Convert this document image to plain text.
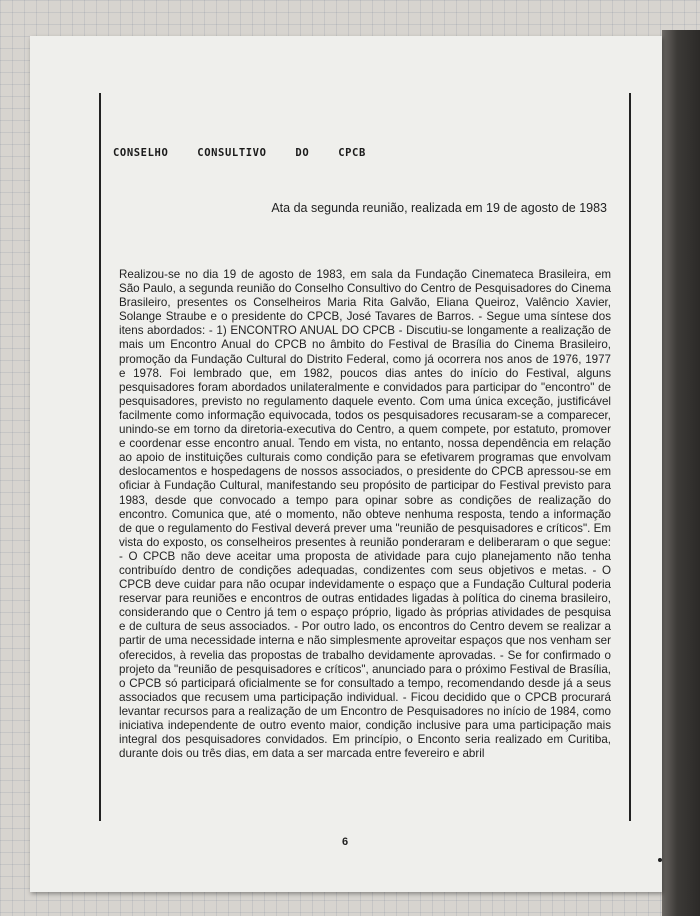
CONSELHO CONSULTIVO DO CPCB
Ata da segunda reunião, realizada em 19 de agosto de 1983

Realizou-se no dia 19 de agosto de 1983, em sala da Fundação Cinemateca Brasileira, em São Paulo, a segunda reunião do Conselho Consultivo do Centro de Pesquisadores do Cinema Brasileiro, presentes os Conselheiros Maria Rita Galvão, Eliana Queiroz, Valêncio Xavier, Solange Straube e o presidente do CPCB, José Tavares de Barros. - Segue uma síntese dos itens abordados: - 1) ENCONTRO ANUAL DO CPCB - Discutiu-se longamente a realização de mais um Encontro Anual do CPCB no âmbito do Festival de Brasília do Cinema Brasileiro, promoção da Fundação Cultural do Distrito Federal, como já ocorrera nos anos de 1976, 1977 e 1978. Foi lembrado que, em 1982, poucos dias antes do início do Festival, alguns pesquisadores foram abordados unilateralmente e convidados para participar do "encontro" de pesquisadores, previsto no regulamento daquele evento. Com uma única exceção, justificável facilmente como informação equivocada, todos os pesquisadores recusaram-se a comparecer, unindo-se em torno da diretoria-executiva do Centro, a quem compete, por estatuto, promover e coordenar esse encontro anual. Tendo em vista, no entanto, nossa dependência em relação ao apoio de instituições culturais como condição para se efetivarem programas que envolvam deslocamentos e hospedagens de nossos associados, o presidente do CPCB apressou-se em oficiar à Fundação Cultural, manifestando seu propósito de participar do Festival previsto para 1983, desde que convocado a tempo para opinar sobre as condições de realização do encontro. Comunica que, até o momento, não obteve nenhuma resposta, tendo a informação de que o regulamento do Festival deverá prever uma "reunião de pesquisadores e críticos". Em vista do exposto, os conselheiros presentes à reunião ponderaram e deliberaram o que segue: - O CPCB não deve aceitar uma proposta de atividade para cujo planejamento não tenha contribuído dentro de condições adequadas, condizentes com seus objetivos e metas. - O CPCB deve cuidar para não ocupar indevidamente o espaço que a Fundação Cultural poderia reservar para reuniões e encontros de outras entidades ligadas à política do cinema brasileiro, considerando que o Centro já tem o espaço próprio, ligado às próprias atividades de pesquisa e de cultura de seus associados. - Por outro lado, os encontros do Centro devem se realizar a partir de uma necessidade interna e não simplesmente aproveitar espaços que nos venham ser oferecidos, à revelia das propostas de trabalho devidamente aprovadas. - Se for confirmado o projeto da "reunião de pesquisadores e críticos", anunciado para o próximo Festival de Brasília, o CPCB só participará oficialmente se for consultado a tempo, recomendando desde já a seus associados que recusem uma participação individual. - Ficou decidido que o CPCB procurará levantar recursos para a realização de um Encontro de Pesquisadores no início de 1984, como iniciativa independente de outro evento maior, condição inclusive para uma participação mais integral dos pesquisadores convidados. Em princípio, o Enconto seria realizado em Curitiba, durante dois ou três dias, em data a ser marcada entre fevereiro e abril

6
